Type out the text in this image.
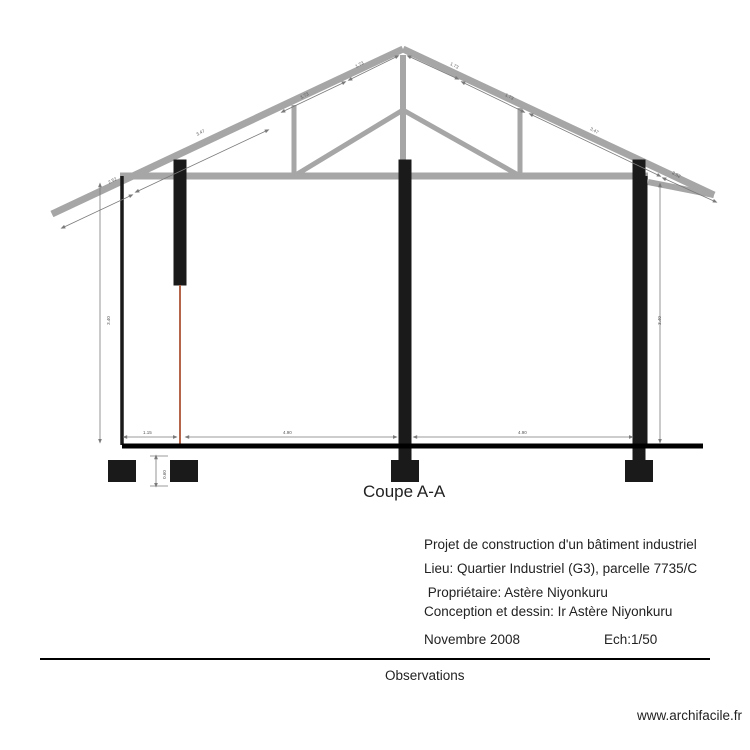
2.52
3.47
1.73
1.73	1.73
1.73
3.47
2.52
3.40	3.40
1.15	4.90	4.90
0.60
Coupe A-A
Projet de construction d'un bâtiment industriel
Lieu: Quartier Industriel (G3), parcelle 7735/C
Propriétaire: Astère Niyonkuru
Conception et dessin: Ir Astère Niyonkuru
Novembre 2008	Ech:1/50
Observations
www.archifacile.fr
